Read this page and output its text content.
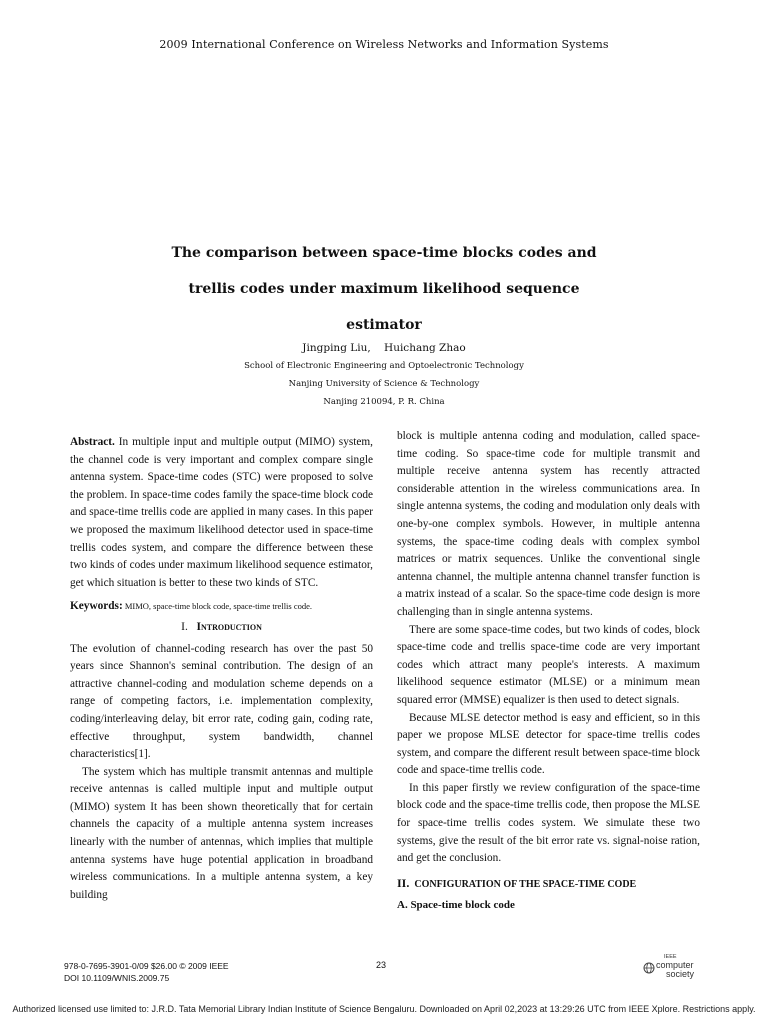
2009 International Conference on Wireless Networks and Information Systems
The comparison between space-time blocks codes and
trellis codes under maximum likelihood sequence
estimator
Jingping Liu,    Huichang Zhao
School of Electronic Engineering and Optoelectronic Technology
Nanjing University of Science & Technology
Nanjing 210094, P. R. China

Abstract. In multiple input and multiple output (MIMO) system, the channel code is very important and complex compare single antenna system. Space-time codes (STC) were proposed to solve the problem. In space-time codes family the space-time block code and space-time trellis code are applied in many cases. In this paper we proposed the maximum likelihood detector used in space-time trellis codes system, and compare the difference between these two kinds of codes under maximum likelihood sequence estimator, get which situation is better to these two kinds of STC.

Keywords: MIMO, space-time block code, space-time trellis code.

I. Introduction

The evolution of channel-coding research has over the past 50 years since Shannon's seminal contribution. The design of an attractive channel-coding and modulation scheme depends on a range of competing factors, i.e. implementation complexity, coding/interleaving delay, bit error rate, coding gain, coding rate, effective throughput, system bandwidth, channel characteristics[1].

The system which has multiple transmit antennas and multiple receive antennas is called multiple input and multiple output (MIMO) system It has been shown theoretically that for certain channels the capacity of a multiple antenna system increases linearly with the number of antennas, which implies that multiple antenna systems have huge potential application in broadband wireless communications. In a multiple antenna system, a key building

block is multiple antenna coding and modulation, called space-time coding. So space-time code for multiple transmit and multiple receive antenna system has recently attracted considerable attention in the wireless communications area. In single antenna systems, the coding and modulation only deals with one-by-one complex symbols. However, in multiple antenna systems, the space-time coding deals with complex symbol matrices or matrix sequences. Unlike the conventional single antenna channel, the multiple antenna channel transfer function is a matrix instead of a scalar. So the space-time code design is more challenging than in single antenna systems.

There are some space-time codes, but two kinds of codes, block space-time code and trellis space-time code are very important codes which attract many people's interests. A maximum likelihood sequence estimator (MLSE) or a minimum mean squared error (MMSE) equalizer is then used to detect signals.

Because MLSE detector method is easy and efficient, so in this paper we propose MLSE detector for space-time trellis codes system, and compare the different result between space-time block code and space-time trellis code.

In this paper firstly we review configuration of the space-time block code and the space-time trellis code, then propose the MLSE for space-time trellis codes system. We simulate these two systems, give the result of the bit error rate vs. signal-noise ration, and get the conclusion.

II. CONFIGURATION OF THE SPACE-TIME CODE
A. Space-time block code
978-0-7695-3901-0/09 $26.00 © 2009 IEEE
DOI 10.1109/WNIS.2009.75
23
IEEE
computer
society
Authorized licensed use limited to: J.R.D. Tata Memorial Library Indian Institute of Science Bengaluru. Downloaded on April 02,2023 at 13:29:26 UTC from IEEE Xplore. Restrictions apply.
